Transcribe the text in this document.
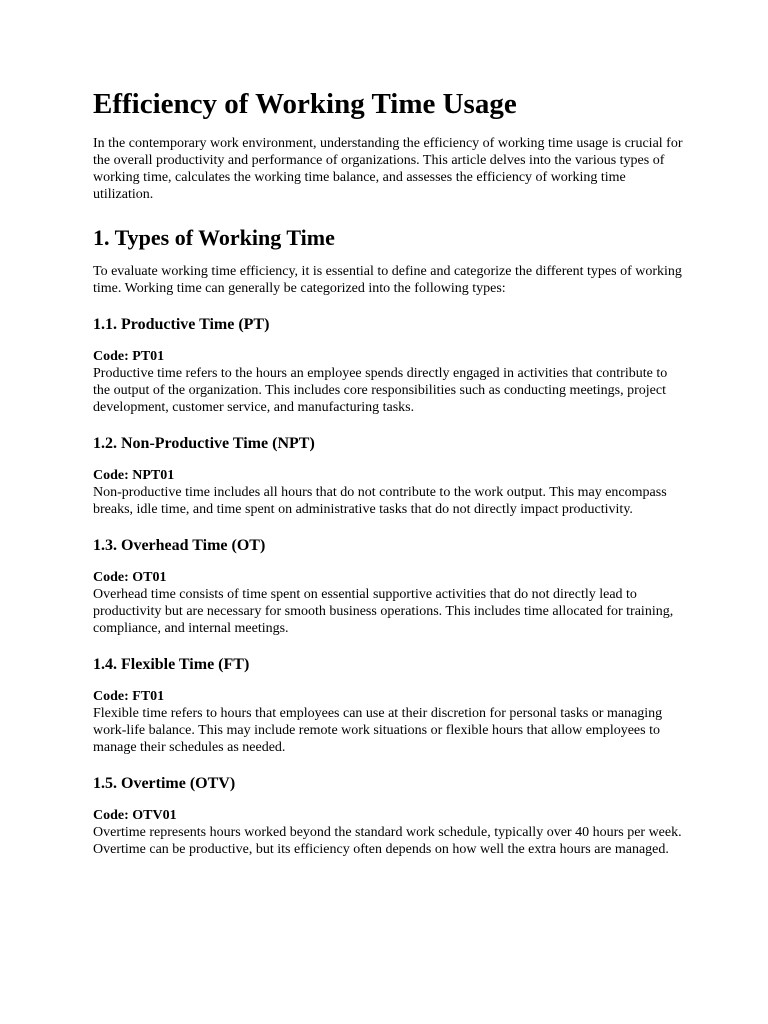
Efficiency of Working Time Usage

In the contemporary work environment, understanding the efficiency of working time usage is crucial for the overall productivity and performance of organizations. This article delves into the various types of working time, calculates the working time balance, and assesses the efficiency of working time utilization.

1. Types of Working Time

To evaluate working time efficiency, it is essential to define and categorize the different types of working time. Working time can generally be categorized into the following types:

1.1. Productive Time (PT)

Code: PT01

Productive time refers to the hours an employee spends directly engaged in activities that contribute to the output of the organization. This includes core responsibilities such as conducting meetings, project development, customer service, and manufacturing tasks.

1.2. Non-Productive Time (NPT)

Code: NPT01

Non-productive time includes all hours that do not contribute to the work output. This may encompass breaks, idle time, and time spent on administrative tasks that do not directly impact productivity.

1.3. Overhead Time (OT)

Code: OT01

Overhead time consists of time spent on essential supportive activities that do not directly lead to productivity but are necessary for smooth business operations. This includes time allocated for training, compliance, and internal meetings.

1.4. Flexible Time (FT)

Code: FT01

Flexible time refers to hours that employees can use at their discretion for personal tasks or managing work-life balance. This may include remote work situations or flexible hours that allow employees to manage their schedules as needed.

1.5. Overtime (OTV)

Code: OTV01

Overtime represents hours worked beyond the standard work schedule, typically over 40 hours per week. Overtime can be productive, but its efficiency often depends on how well the extra hours are managed.
